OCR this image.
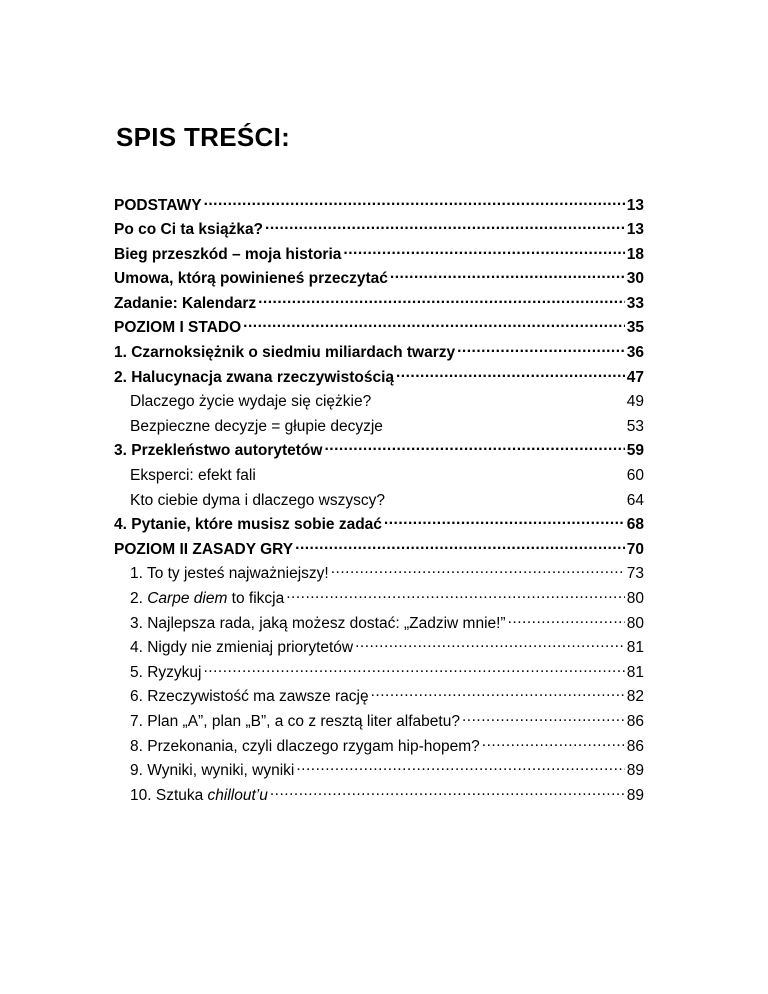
SPIS TREŚCI:
PODSTAWY .....	13
Po co Ci ta książka? .....	13
Bieg przeszkód – moja historia .....	18
Umowa, którą powinieneś przeczytać .....	30
Zadanie: Kalendarz .....	33
POZIOM I STADO .....	35
1. Czarnoksiężnik o siedmiu miliardach twarzy .....	36
2. Halucynacja zwana rzeczywistością .....	47
Dlaczego życie wydaje się ciężkie?	49
Bezpieczne decyzje = głupie decyzje	53
3. Przekleństwo autorytetów .....	59
Eksperci: efekt fali	60
Kto ciebie dyma i dlaczego wszyscy?	64
4. Pytanie, które musisz sobie zadać .....	68
POZIOM II ZASADY GRY .....	70
1. To ty jesteś najważniejszy! .....	73
2. Carpe diem to fikcja .....	80
3. Najlepsza rada, jaką możesz dostać: „Zadziw mnie!” .....	80
4. Nigdy nie zmieniaj priorytetów .....	81
5. Ryzykuj .....	81
6. Rzeczywistość ma zawsze rację .....	82
7. Plan „A”, plan „B”, a co z resztą liter alfabetu? .....	86
8. Przekonania, czyli dlaczego rzygam hip-hopem? .....	86
9. Wyniki, wyniki, wyniki .....	89
10. Sztuka chillout’u .....	89
